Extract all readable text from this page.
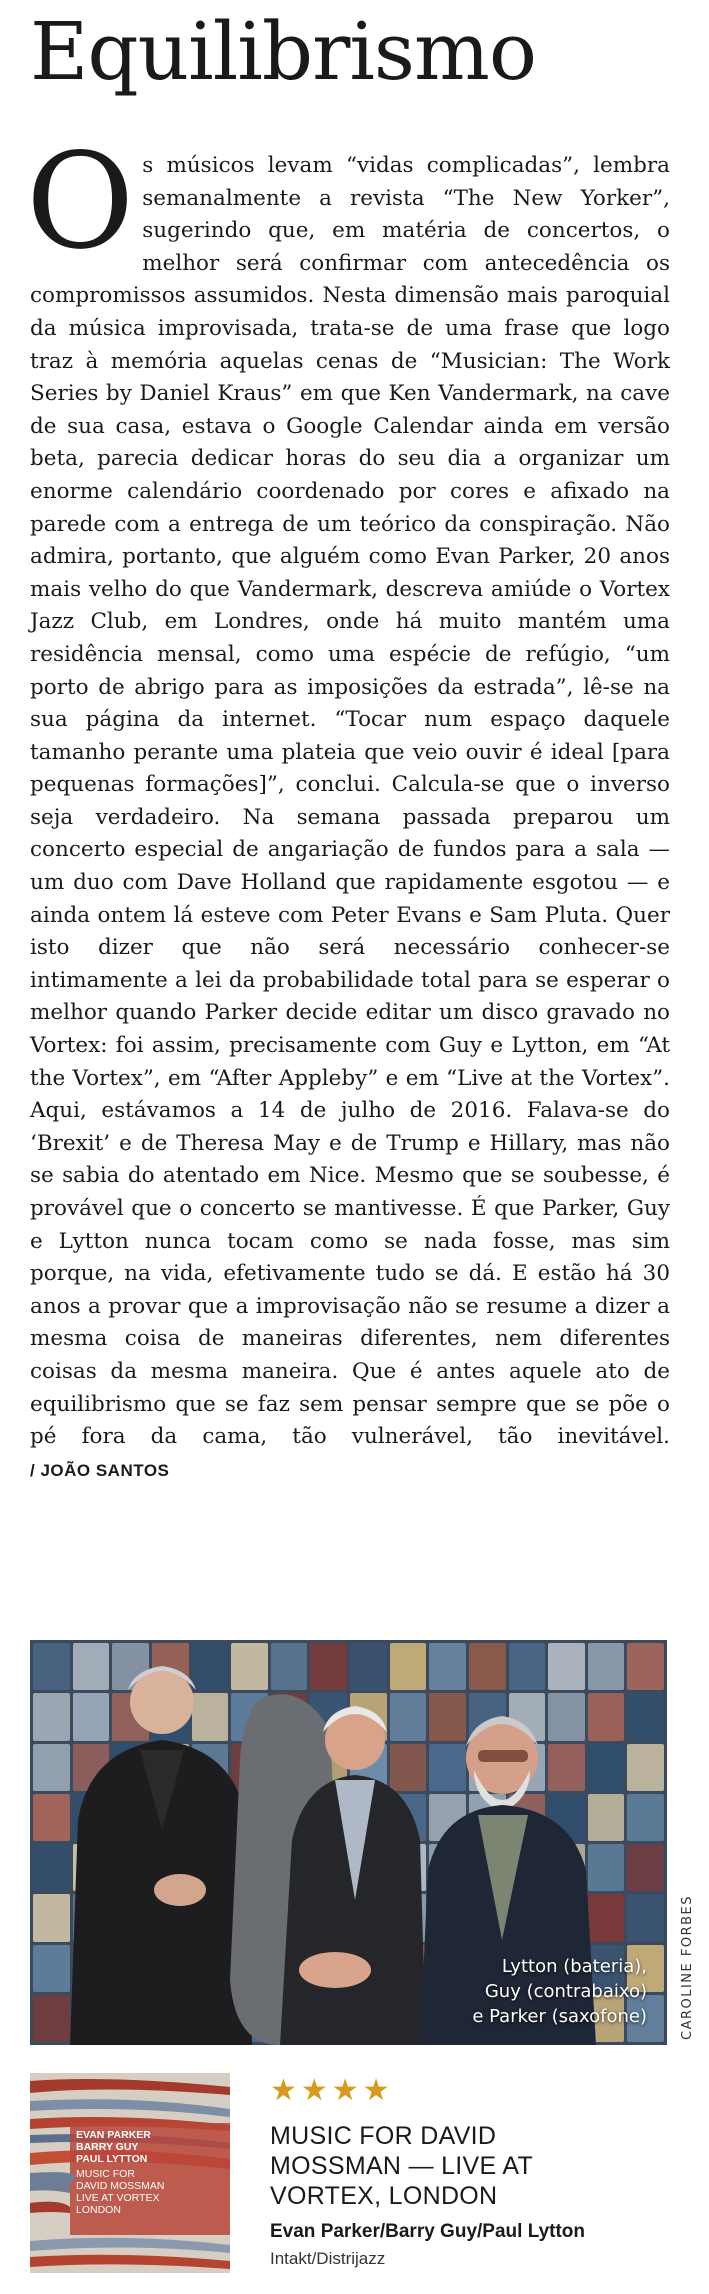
Equilibrismo

Os músicos levam “vidas complicadas”, lembra semanalmente a revista “The New Yorker”, sugerindo que, em matéria de concertos, o melhor será confirmar com antecedência os compromissos assumidos. Nesta dimensão mais paroquial da música improvisada, trata-se de uma frase que logo traz à memória aquelas cenas de “Musician: The Work Series by Daniel Kraus” em que Ken Vandermark, na cave de sua casa, estava o Google Calendar ainda em versão beta, parecia dedicar horas do seu dia a organizar um enorme calendário coordenado por cores e afixado na parede com a entrega de um teórico da conspiração. Não admira, portanto, que alguém como Evan Parker, 20 anos mais velho do que Vandermark, descreva amiúde o Vortex Jazz Club, em Londres, onde há muito mantém uma residência mensal, como uma espécie de refúgio, “um porto de abrigo para as imposições da estrada”, lê-se na sua página da internet. “Tocar num espaço daquele tamanho perante uma plateia que veio ouvir é ideal [para pequenas formações]”, conclui. Calcula-se que o inverso seja verdadeiro. Na semana passada preparou um concerto especial de angariação de fundos para a sala — um duo com Dave Holland que rapidamente esgotou — e ainda ontem lá esteve com Peter Evans e Sam Pluta. Quer isto dizer que não será necessário conhecer-se intimamente a lei da probabilidade total para se esperar o melhor quando Parker decide editar um disco gravado no Vortex: foi assim, precisamente com Guy e Lytton, em “At the Vortex”, em “After Appleby” e em “Live at the Vortex”. Aqui, estávamos a 14 de julho de 2016. Falava-se do ‘Brexit’ e de Theresa May e de Trump e Hillary, mas não se sabia do atentado em Nice. Mesmo que se soubesse, é provável que o concerto se mantivesse. É que Parker, Guy e Lytton nunca tocam como se nada fosse, mas sim porque, na vida, efetivamente tudo se dá. E estão há 30 anos a provar que a improvisação não se resume a dizer a mesma coisa de maneiras diferentes, nem diferentes coisas da mesma maneira. Que é antes aquele ato de equilibrismo que se faz sem pensar sempre que se põe o pé fora da cama, tão vulnerável, tão inevitável. / JOÃO SANTOS

Lytton (bateria),
Guy (contrabaixo)
e Parker (saxofone)	CAROLINE FORBES
EVAN PARKER
BARRY GUY
PAUL LYTTON
MUSIC FOR
DAVID MOSSMAN
LIVE AT VORTEX
LONDON
★★★★
MUSIC FOR DAVID
MOSSMAN — LIVE AT
VORTEX, LONDON
Evan Parker/Barry Guy/Paul Lytton
Intakt/Distrijazz
